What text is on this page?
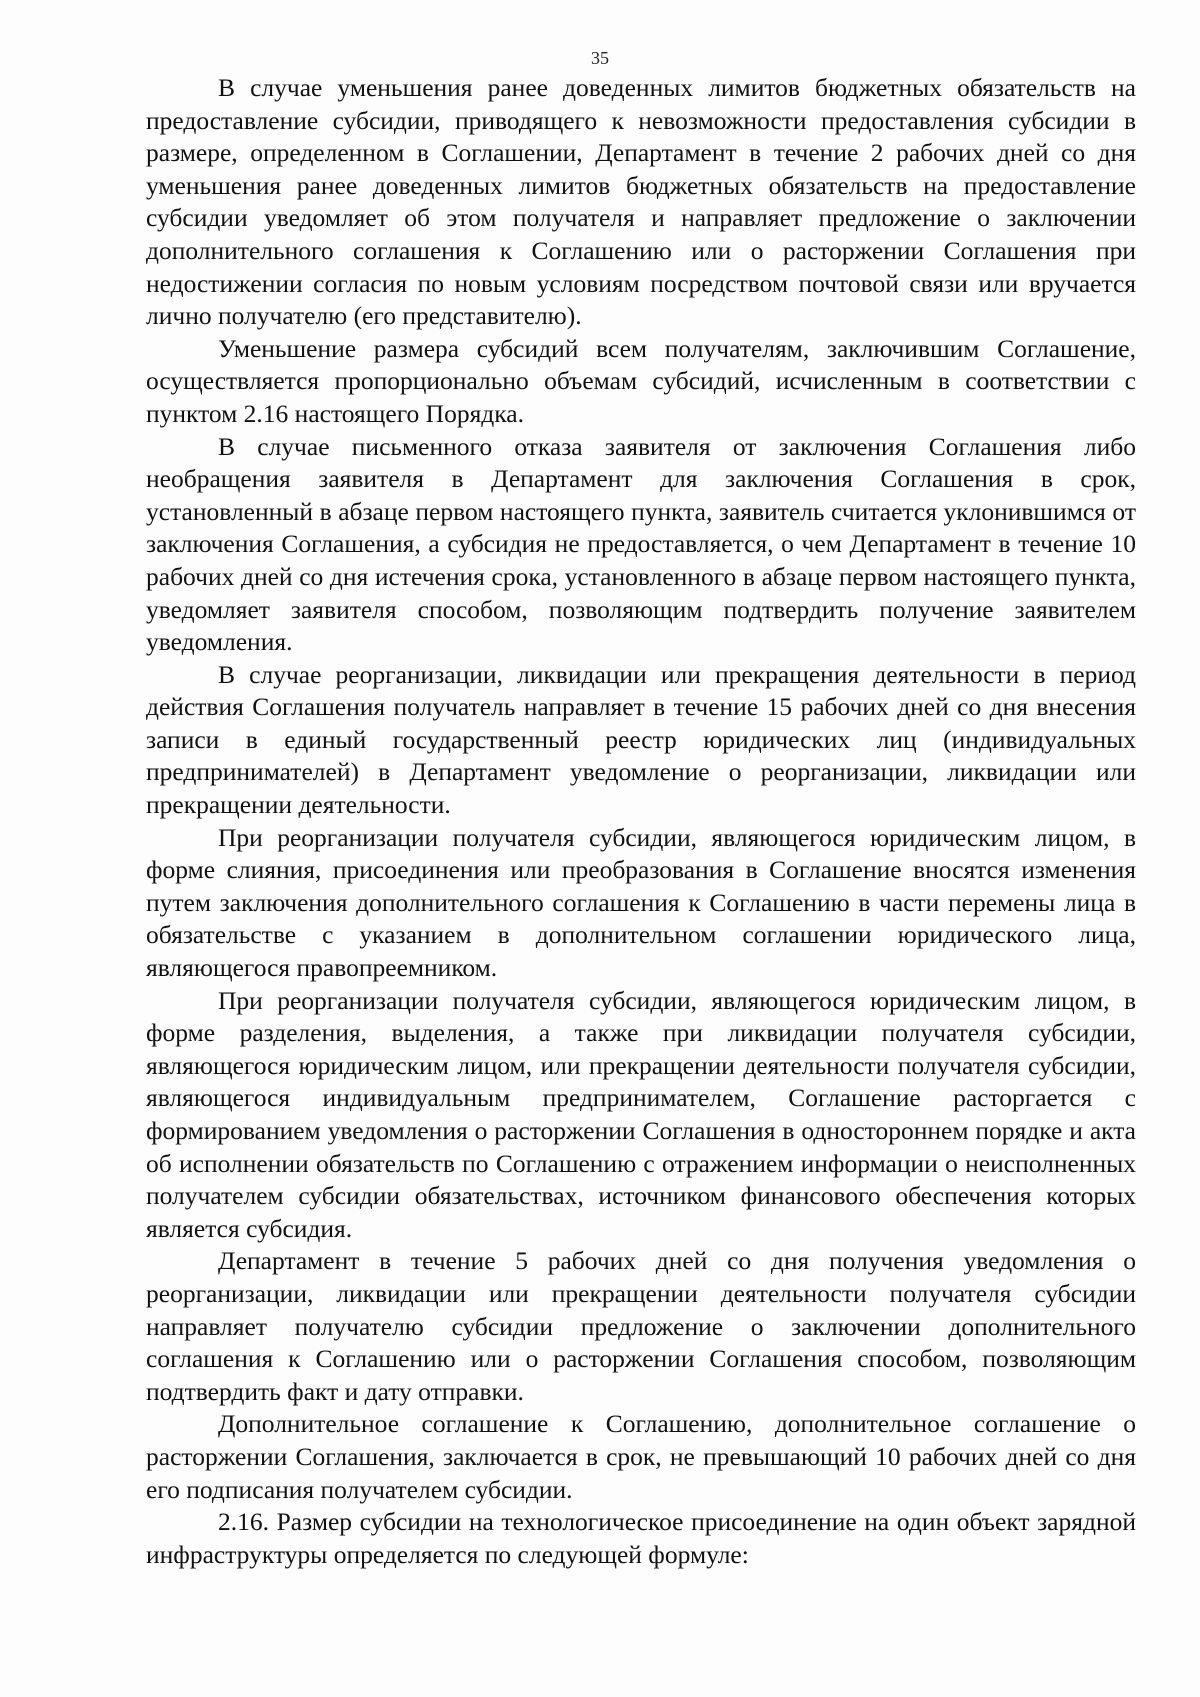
35

В случае уменьшения ранее доведенных лимитов бюджетных обязательств на предоставление субсидии, приводящего к невозможности предоставления субсидии в размере, определенном в Соглашении, Департамент в течение 2 рабочих дней со дня уменьшения ранее доведенных лимитов бюджетных обязательств на предоставление субсидии уведомляет об этом получателя и направляет предложение о заключении дополнительного соглашения к Соглашению или о расторжении Соглашения при недостижении согласия по новым условиям посредством почтовой связи или вручается лично получателю (его представителю).

Уменьшение размера субсидий всем получателям, заключившим Соглашение, осуществляется пропорционально объемам субсидий, исчисленным в соответствии с пунктом 2.16 настоящего Порядка.

В случае письменного отказа заявителя от заключения Соглашения либо необращения заявителя в Департамент для заключения Соглашения в срок, установленный в абзаце первом настоящего пункта, заявитель считается уклонившимся от заключения Соглашения, а субсидия не предоставляется, о чем Департамент в течение 10 рабочих дней со дня истечения срока, установленного в абзаце первом настоящего пункта, уведомляет заявителя способом, позволяющим подтвердить получение заявителем уведомления.

В случае реорганизации, ликвидации или прекращения деятельности в период действия Соглашения получатель направляет в течение 15 рабочих дней со дня внесения записи в единый государственный реестр юридических лиц (индивидуальных предпринимателей) в Департамент уведомление о реорганизации, ликвидации или прекращении деятельности.

При реорганизации получателя субсидии, являющегося юридическим лицом, в форме слияния, присоединения или преобразования в Соглашение вносятся изменения путем заключения дополнительного соглашения к Соглашению в части перемены лица в обязательстве с указанием в дополнительном соглашении юридического лица, являющегося правопреемником.

При реорганизации получателя субсидии, являющегося юридическим лицом, в форме разделения, выделения, а также при ликвидации получателя субсидии, являющегося юридическим лицом, или прекращении деятельности получателя субсидии, являющегося индивидуальным предпринимателем, Соглашение расторгается с формированием уведомления о расторжении Соглашения в одностороннем порядке и акта об исполнении обязательств по Соглашению с отражением информации о неисполненных получателем субсидии обязательствах, источником финансового обеспечения которых является субсидия.

Департамент в течение 5 рабочих дней со дня получения уведомления о реорганизации, ликвидации или прекращении деятельности получателя субсидии направляет получателю субсидии предложение о заключении дополнительного соглашения к Соглашению или о расторжении Соглашения способом, позволяющим подтвердить факт и дату отправки.

Дополнительное соглашение к Соглашению, дополнительное соглашение о расторжении Соглашения, заключается в срок, не превышающий 10 рабочих дней со дня его подписания получателем субсидии.

2.16. Размер субсидии на технологическое присоединение на один объект зарядной инфраструктуры определяется по следующей формуле:
